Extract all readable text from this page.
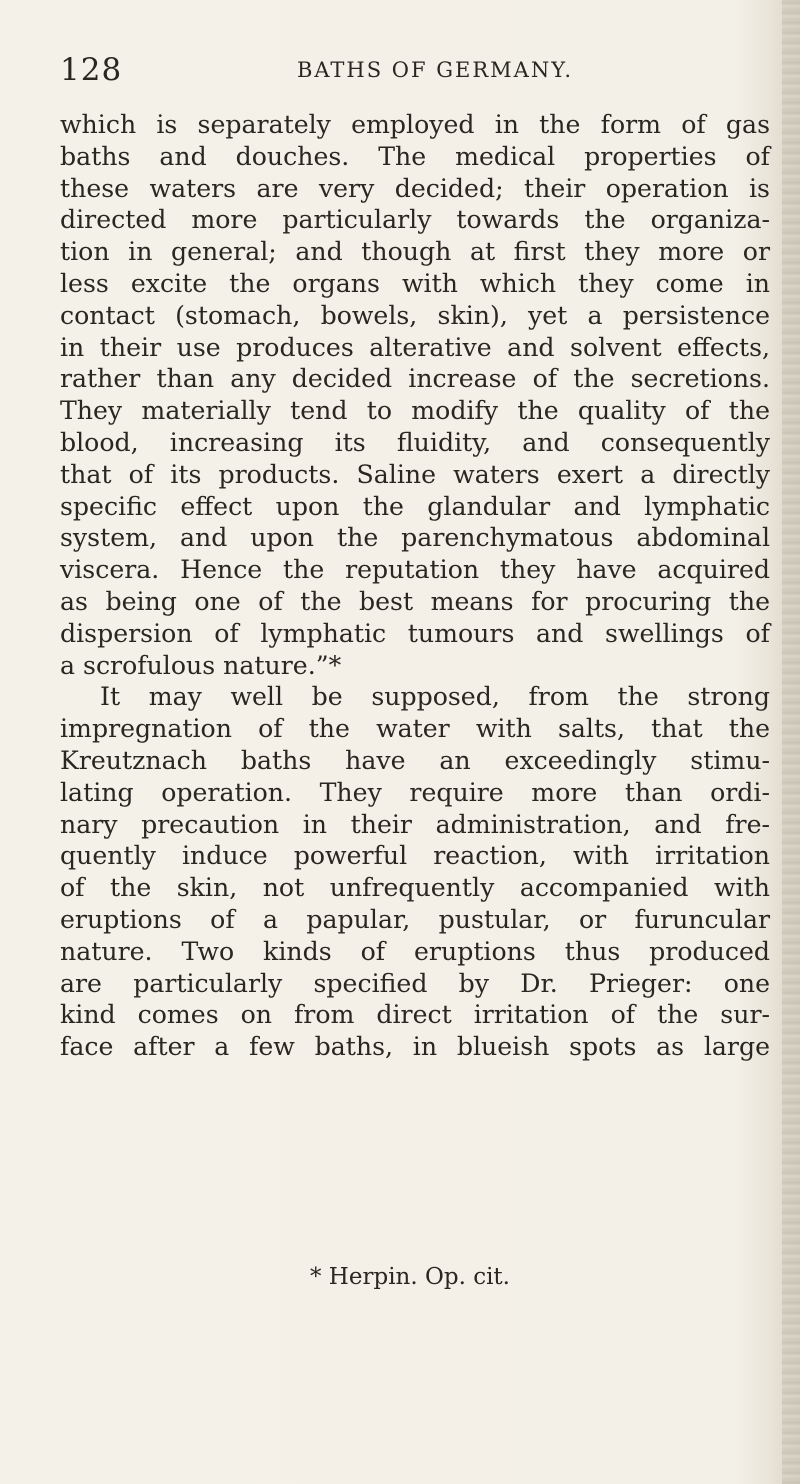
128	BATHS OF GERMANY.
which is separately employed in the form of gas
baths and douches. The medical properties of
these waters are very decided; their operation is
directed more particularly towards the organiza-
tion in general; and though at first they more or
less excite the organs with which they come in
contact (stomach, bowels, skin), yet a persistence
in their use produces alterative and solvent effects,
rather than any decided increase of the secretions.
They materially tend to modify the quality of the
blood, increasing its fluidity, and consequently
that of its products. Saline waters exert a directly
specific effect upon the glandular and lymphatic
system, and upon the parenchymatous abdominal
viscera. Hence the reputation they have acquired
as being one of the best means for procuring the
dispersion of lymphatic tumours and swellings of
a scrofulous nature.”*
It may well be supposed, from the strong
impregnation of the water with salts, that the
Kreutznach baths have an exceedingly stimu-
lating operation. They require more than ordi-
nary precaution in their administration, and fre-
quently induce powerful reaction, with irritation
of the skin, not unfrequently accompanied with
eruptions of a papular, pustular, or furuncular
nature. Two kinds of eruptions thus produced
are particularly specified by Dr. Prieger: one
kind comes on from direct irritation of the sur-
face after a few baths, in blueish spots as large
* Herpin. Op. cit.
